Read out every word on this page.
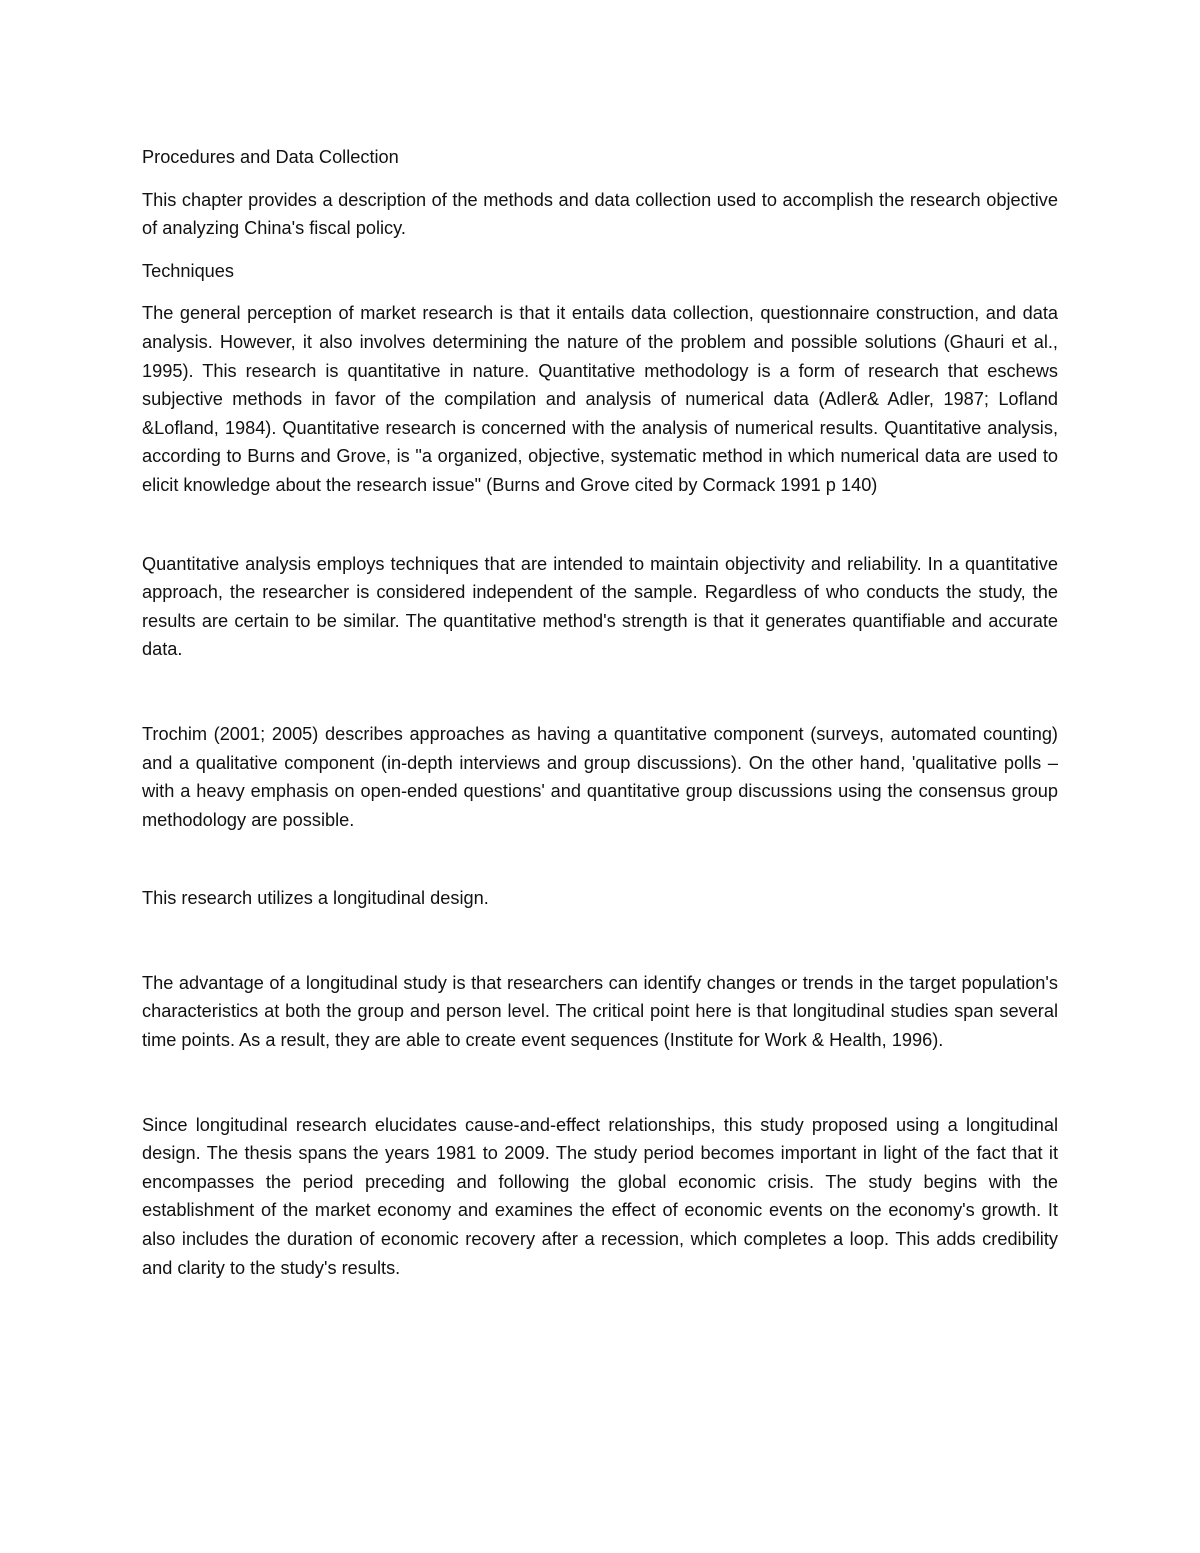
Procedures and Data Collection

This chapter provides a description of the methods and data collection used to accomplish the research objective of analyzing China's fiscal policy.

Techniques

The general perception of market research is that it entails data collection, questionnaire construction, and data analysis. However, it also involves determining the nature of the problem and possible solutions (Ghauri et al., 1995). This research is quantitative in nature. Quantitative methodology is a form of research that eschews subjective methods in favor of the compilation and analysis of numerical data (Adler& Adler, 1987; Lofland &Lofland, 1984). Quantitative research is concerned with the analysis of numerical results. Quantitative analysis, according to Burns and Grove, is "a organized, objective, systematic method in which numerical data are used to elicit knowledge about the research issue" (Burns and Grove cited by Cormack 1991 p 140)

Quantitative analysis employs techniques that are intended to maintain objectivity and reliability. In a quantitative approach, the researcher is considered independent of the sample. Regardless of who conducts the study, the results are certain to be similar. The quantitative method's strength is that it generates quantifiable and accurate data.

Trochim (2001; 2005) describes approaches as having a quantitative component (surveys, automated counting) and a qualitative component (in-depth interviews and group discussions). On the other hand, 'qualitative polls – with a heavy emphasis on open-ended questions' and quantitative group discussions using the consensus group methodology are possible.

This research utilizes a longitudinal design.

The advantage of a longitudinal study is that researchers can identify changes or trends in the target population's characteristics at both the group and person level. The critical point here is that longitudinal studies span several time points. As a result, they are able to create event sequences (Institute for Work & Health, 1996).

Since longitudinal research elucidates cause-and-effect relationships, this study proposed using a longitudinal design. The thesis spans the years 1981 to 2009. The study period becomes important in light of the fact that it encompasses the period preceding and following the global economic crisis. The study begins with the establishment of the market economy and examines the effect of economic events on the economy's growth. It also includes the duration of economic recovery after a recession, which completes a loop. This adds credibility and clarity to the study's results.
